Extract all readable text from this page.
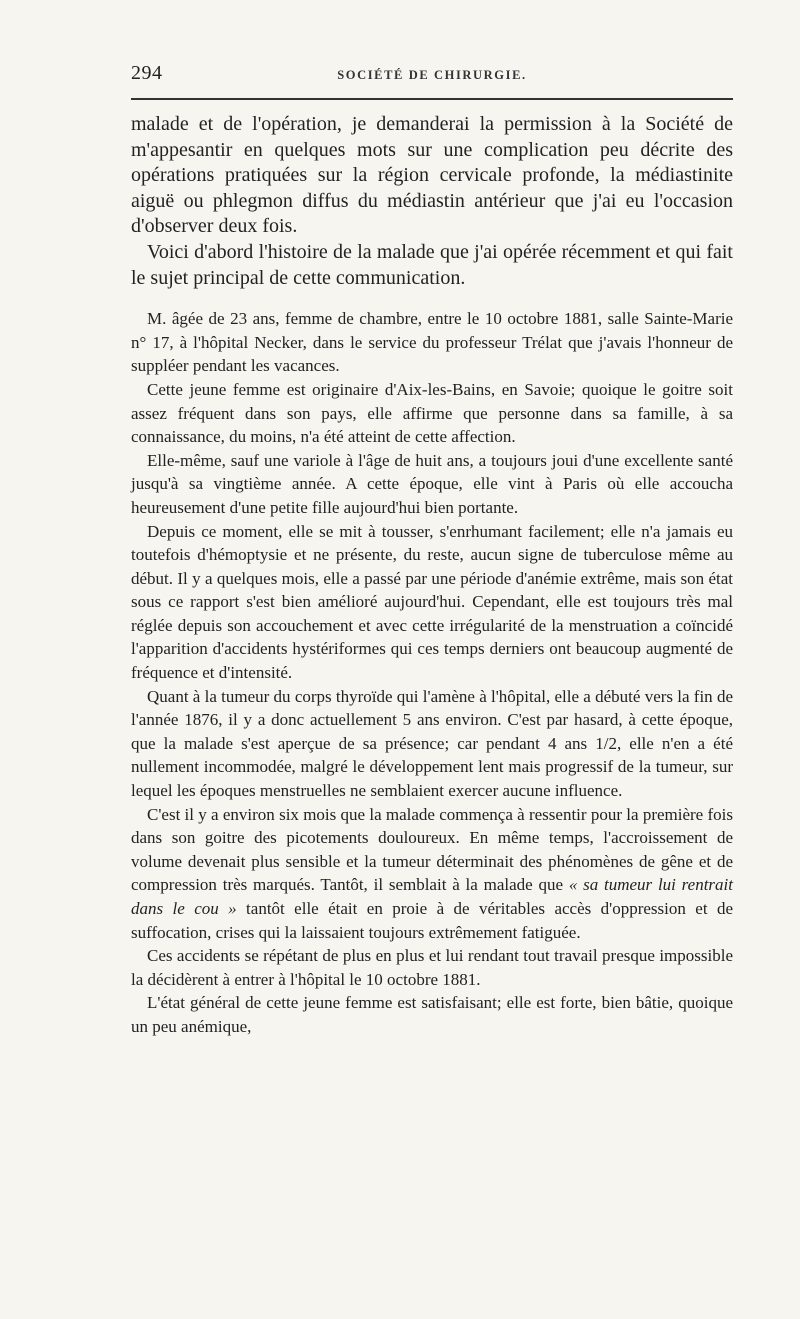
294	SOCIÉTÉ DE CHIRURGIE.

malade et de l'opération, je demanderai la permission à la Société de m'appesantir en quelques mots sur une complication peu décrite des opérations pratiquées sur la région cervicale profonde, la médiastinite aiguë ou phlegmon diffus du médiastin antérieur que j'ai eu l'occasion d'observer deux fois.

Voici d'abord l'histoire de la malade que j'ai opérée récemment et qui fait le sujet principal de cette communication.

M. âgée de 23 ans, femme de chambre, entre le 10 octobre 1881, salle Sainte-Marie n° 17, à l'hôpital Necker, dans le service du professeur Trélat que j'avais l'honneur de suppléer pendant les vacances.

Cette jeune femme est originaire d'Aix-les-Bains, en Savoie; quoique le goitre soit assez fréquent dans son pays, elle affirme que personne dans sa famille, à sa connaissance, du moins, n'a été atteint de cette affection.

Elle-même, sauf une variole à l'âge de huit ans, a toujours joui d'une excellente santé jusqu'à sa vingtième année. A cette époque, elle vint à Paris où elle accoucha heureusement d'une petite fille aujourd'hui bien portante.

Depuis ce moment, elle se mit à tousser, s'enrhumant facilement; elle n'a jamais eu toutefois d'hémoptysie et ne présente, du reste, aucun signe de tuberculose même au début. Il y a quelques mois, elle a passé par une période d'anémie extrême, mais son état sous ce rapport s'est bien amélioré aujourd'hui. Cependant, elle est toujours très mal réglée depuis son accouchement et avec cette irrégularité de la menstruation a coïncidé l'apparition d'accidents hystériformes qui ces temps derniers ont beaucoup augmenté de fréquence et d'intensité.

Quant à la tumeur du corps thyroïde qui l'amène à l'hôpital, elle a débuté vers la fin de l'année 1876, il y a donc actuellement 5 ans environ. C'est par hasard, à cette époque, que la malade s'est aperçue de sa présence; car pendant 4 ans 1/2, elle n'en a été nullement incommodée, malgré le développement lent mais progressif de la tumeur, sur lequel les époques menstruelles ne semblaient exercer aucune influence.

C'est il y a environ six mois que la malade commença à ressentir pour la première fois dans son goitre des picotements douloureux. En même temps, l'accroissement de volume devenait plus sensible et la tumeur déterminait des phénomènes de gêne et de compression très marqués. Tantôt, il semblait à la malade que « sa tumeur lui rentrait dans le cou » tantôt elle était en proie à de véritables accès d'oppression et de suffocation, crises qui la laissaient toujours extrêmement fatiguée.

Ces accidents se répétant de plus en plus et lui rendant tout travail presque impossible la décidèrent à entrer à l'hôpital le 10 octobre 1881.

L'état général de cette jeune femme est satisfaisant; elle est forte, bien bâtie, quoique un peu anémique,
